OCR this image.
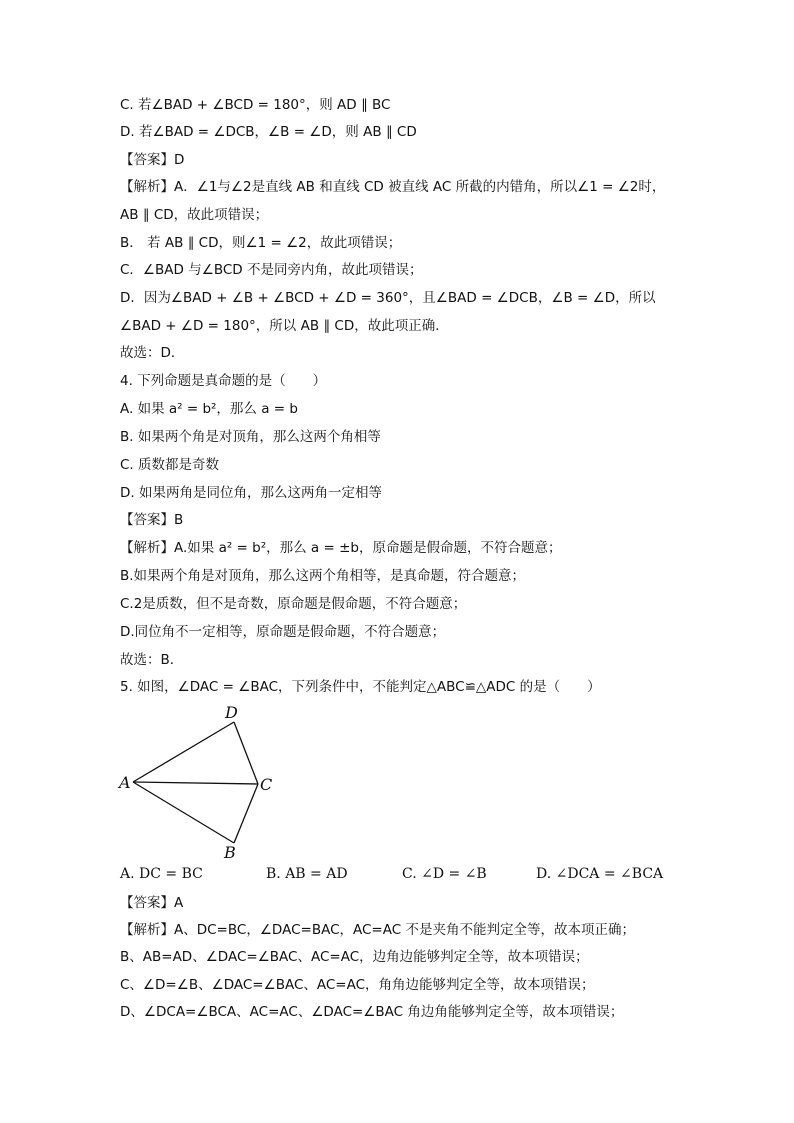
C. 若∠BAD + ∠BCD = 180°，则 AD ∥ BC
D. 若∠BAD = ∠DCB，∠B = ∠D，则 AB ∥ CD
【答案】D
【解析】A．∠1与∠2是直线 AB 和直线 CD 被直线 AC 所截的内错角，所以∠1 = ∠2时，
AB ∥ CD，故此项错误；
B． 若 AB ∥ CD，则∠1 = ∠2，故此项错误；
C．∠BAD 与∠BCD 不是同旁内角，故此项错误；
D．因为∠BAD + ∠B + ∠BCD + ∠D = 360°，且∠BAD = ∠DCB，∠B = ∠D，所以
∠BAD + ∠D = 180°，所以 AB ∥ CD，故此项正确．
故选：D．
4. 下列命题是真命题的是（　　）
A. 如果 a² = b²，那么 a = b
B. 如果两个角是对顶角，那么这两个角相等
C. 质数都是奇数
D. 如果两角是同位角，那么这两角一定相等
【答案】B
【解析】A.如果 a² = b²，那么 a = ±b，原命题是假命题，不符合题意；
B.如果两个角是对顶角，那么这两个角相等，是真命题，符合题意；
C.2是质数，但不是奇数，原命题是假命题，不符合题意；
D.同位角不一定相等，原命题是假命题，不符合题意；
故选：B．
5. 如图，∠DAC = ∠BAC，下列条件中，不能判定△ABC≌△ADC 的是（　　）
D
A	C
B
A. DC = BC	B. AB = AD	C. ∠D = ∠B	D. ∠DCA = ∠BCA
【答案】A
【解析】A、DC=BC，∠DAC=BAC，AC=AC 不是夹角不能判定全等，故本项正确；
B、AB=AD、∠DAC=∠BAC、AC=AC，边角边能够判定全等，故本项错误；
C、∠D=∠B、∠DAC=∠BAC、AC=AC，角角边能够判定全等，故本项错误；
D、∠DCA=∠BCA、AC=AC、∠DAC=∠BAC 角边角能够判定全等，故本项错误；
